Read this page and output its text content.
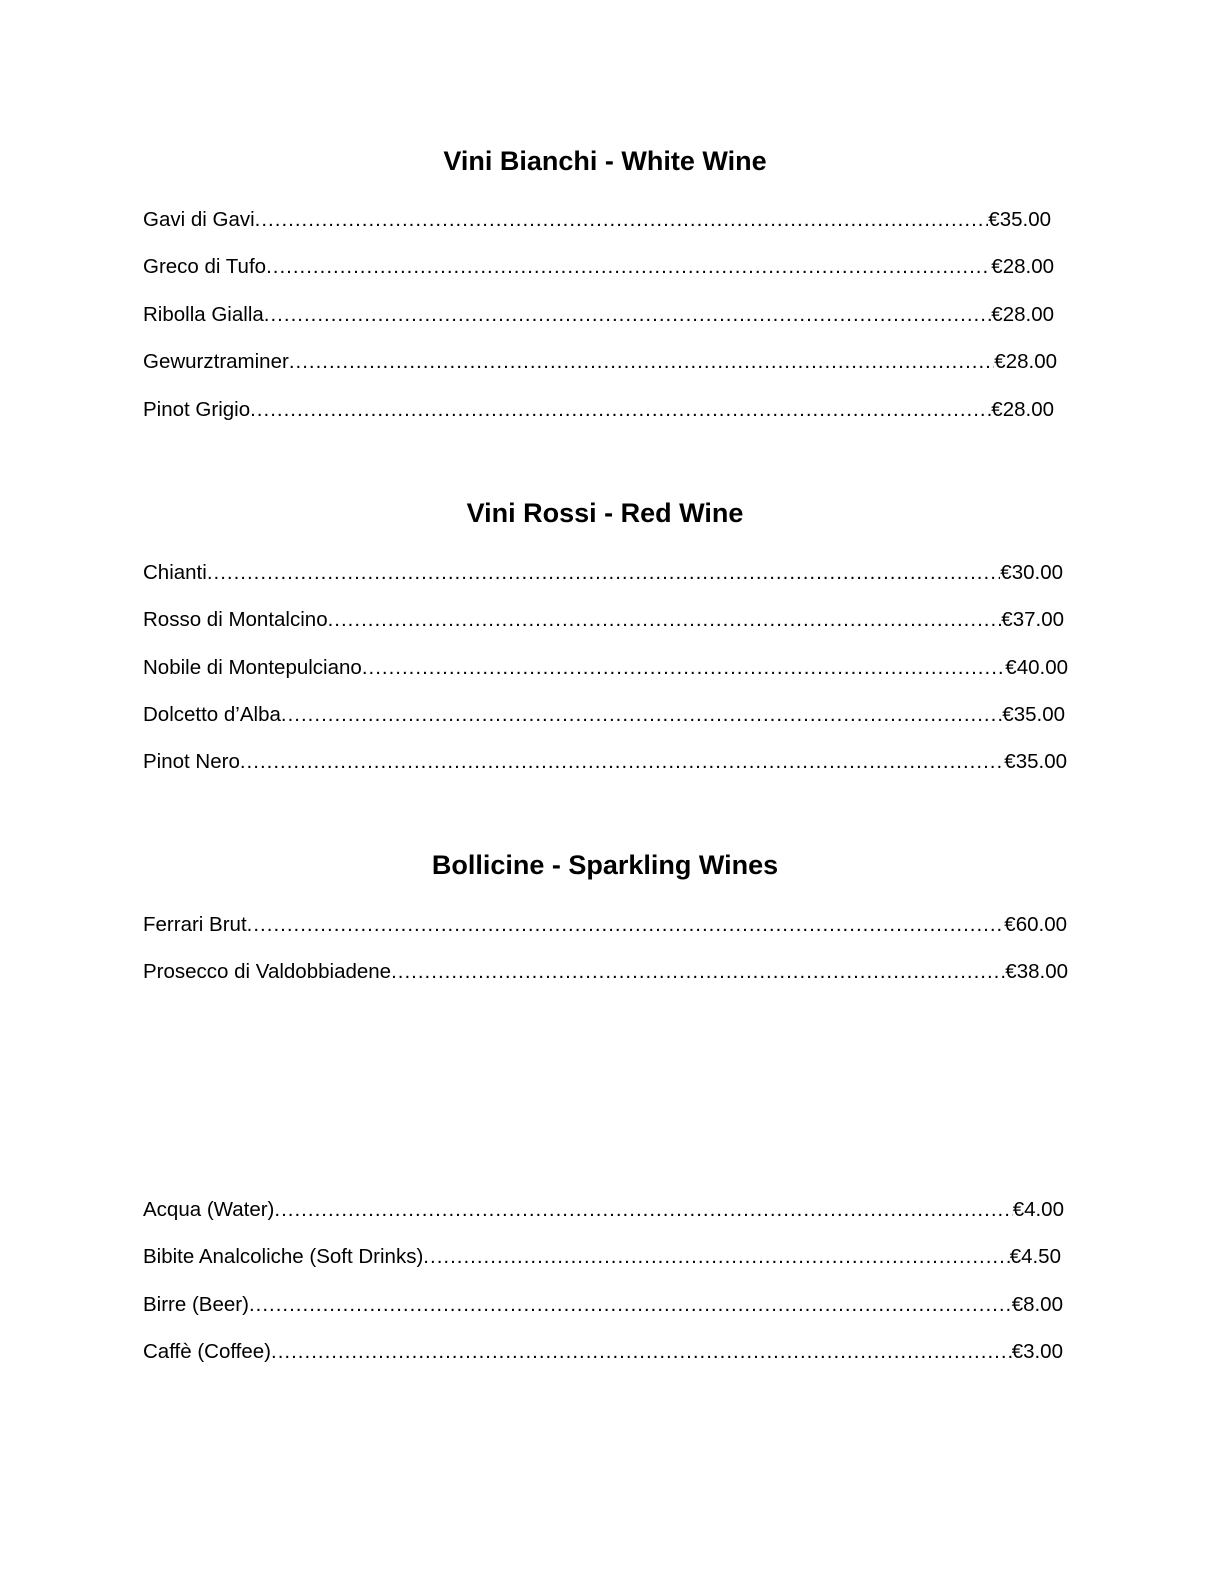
Vini Bianchi - White Wine
Gavi di Gavi .....	€35.00
Greco di Tufo .....	€28.00
Ribolla Gialla .....	€28.00
Gewurztraminer .....	€28.00
Pinot Grigio .....	€28.00
Vini Rossi - Red Wine
Chianti .....	€30.00
Rosso di Montalcino .....	€37.00
Nobile di Montepulciano .....	€40.00
Dolcetto d’Alba .....	€35.00
Pinot Nero .....	€35.00
Bollicine - Sparkling Wines
Ferrari Brut .....	€60.00
Prosecco di Valdobbiadene .....	€38.00
Acqua (Water) .....	€4.00
Bibite Analcoliche (Soft Drinks) .....	€4.50
Birre (Beer) .....	€8.00
Caffè (Coffee) .....	€3.00
